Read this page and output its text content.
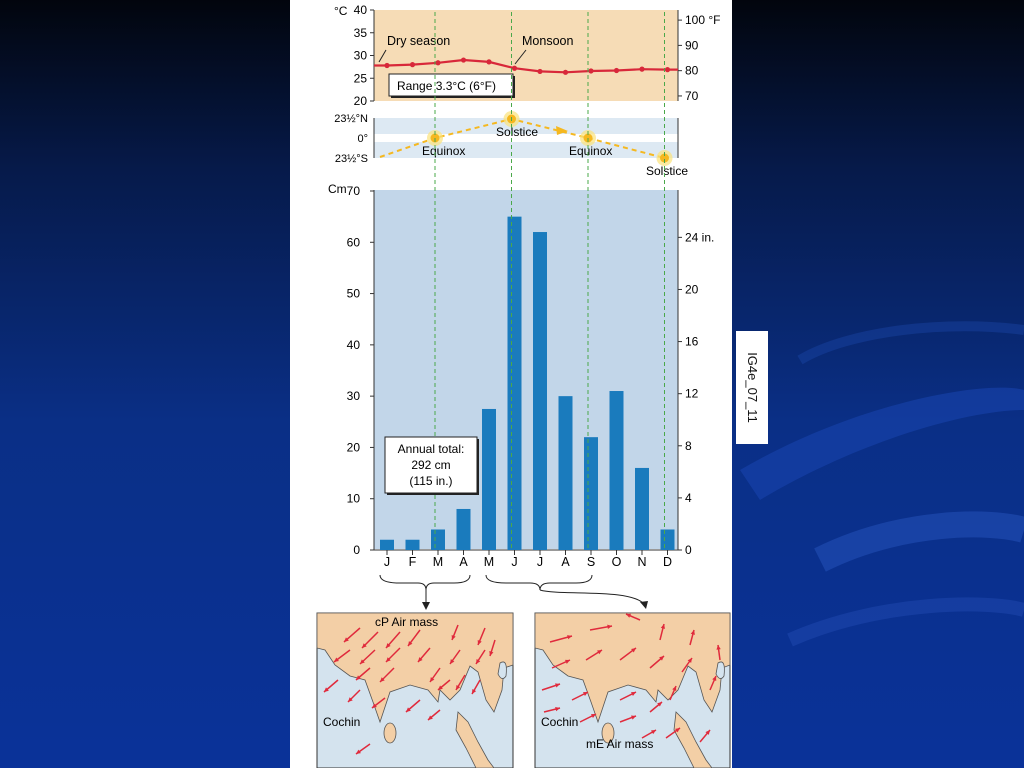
40
35
30
25
20
100 °F
90
80
70
°C
Dry season	Monsoon
Range 3.3°C (6°F)
23½°N
0°
23½°S
Equinox
Solstice
Equinox
Solstice
Cm 70
60
50
40
30
20
10
0
24 in.
20
16
12
8
4
0
J F M A M J J A S O N D
Annual total:
292 cm
(115 in.)
cP Air mass
Cochin	Cochin
mE Air mass
IG4e_07_11
